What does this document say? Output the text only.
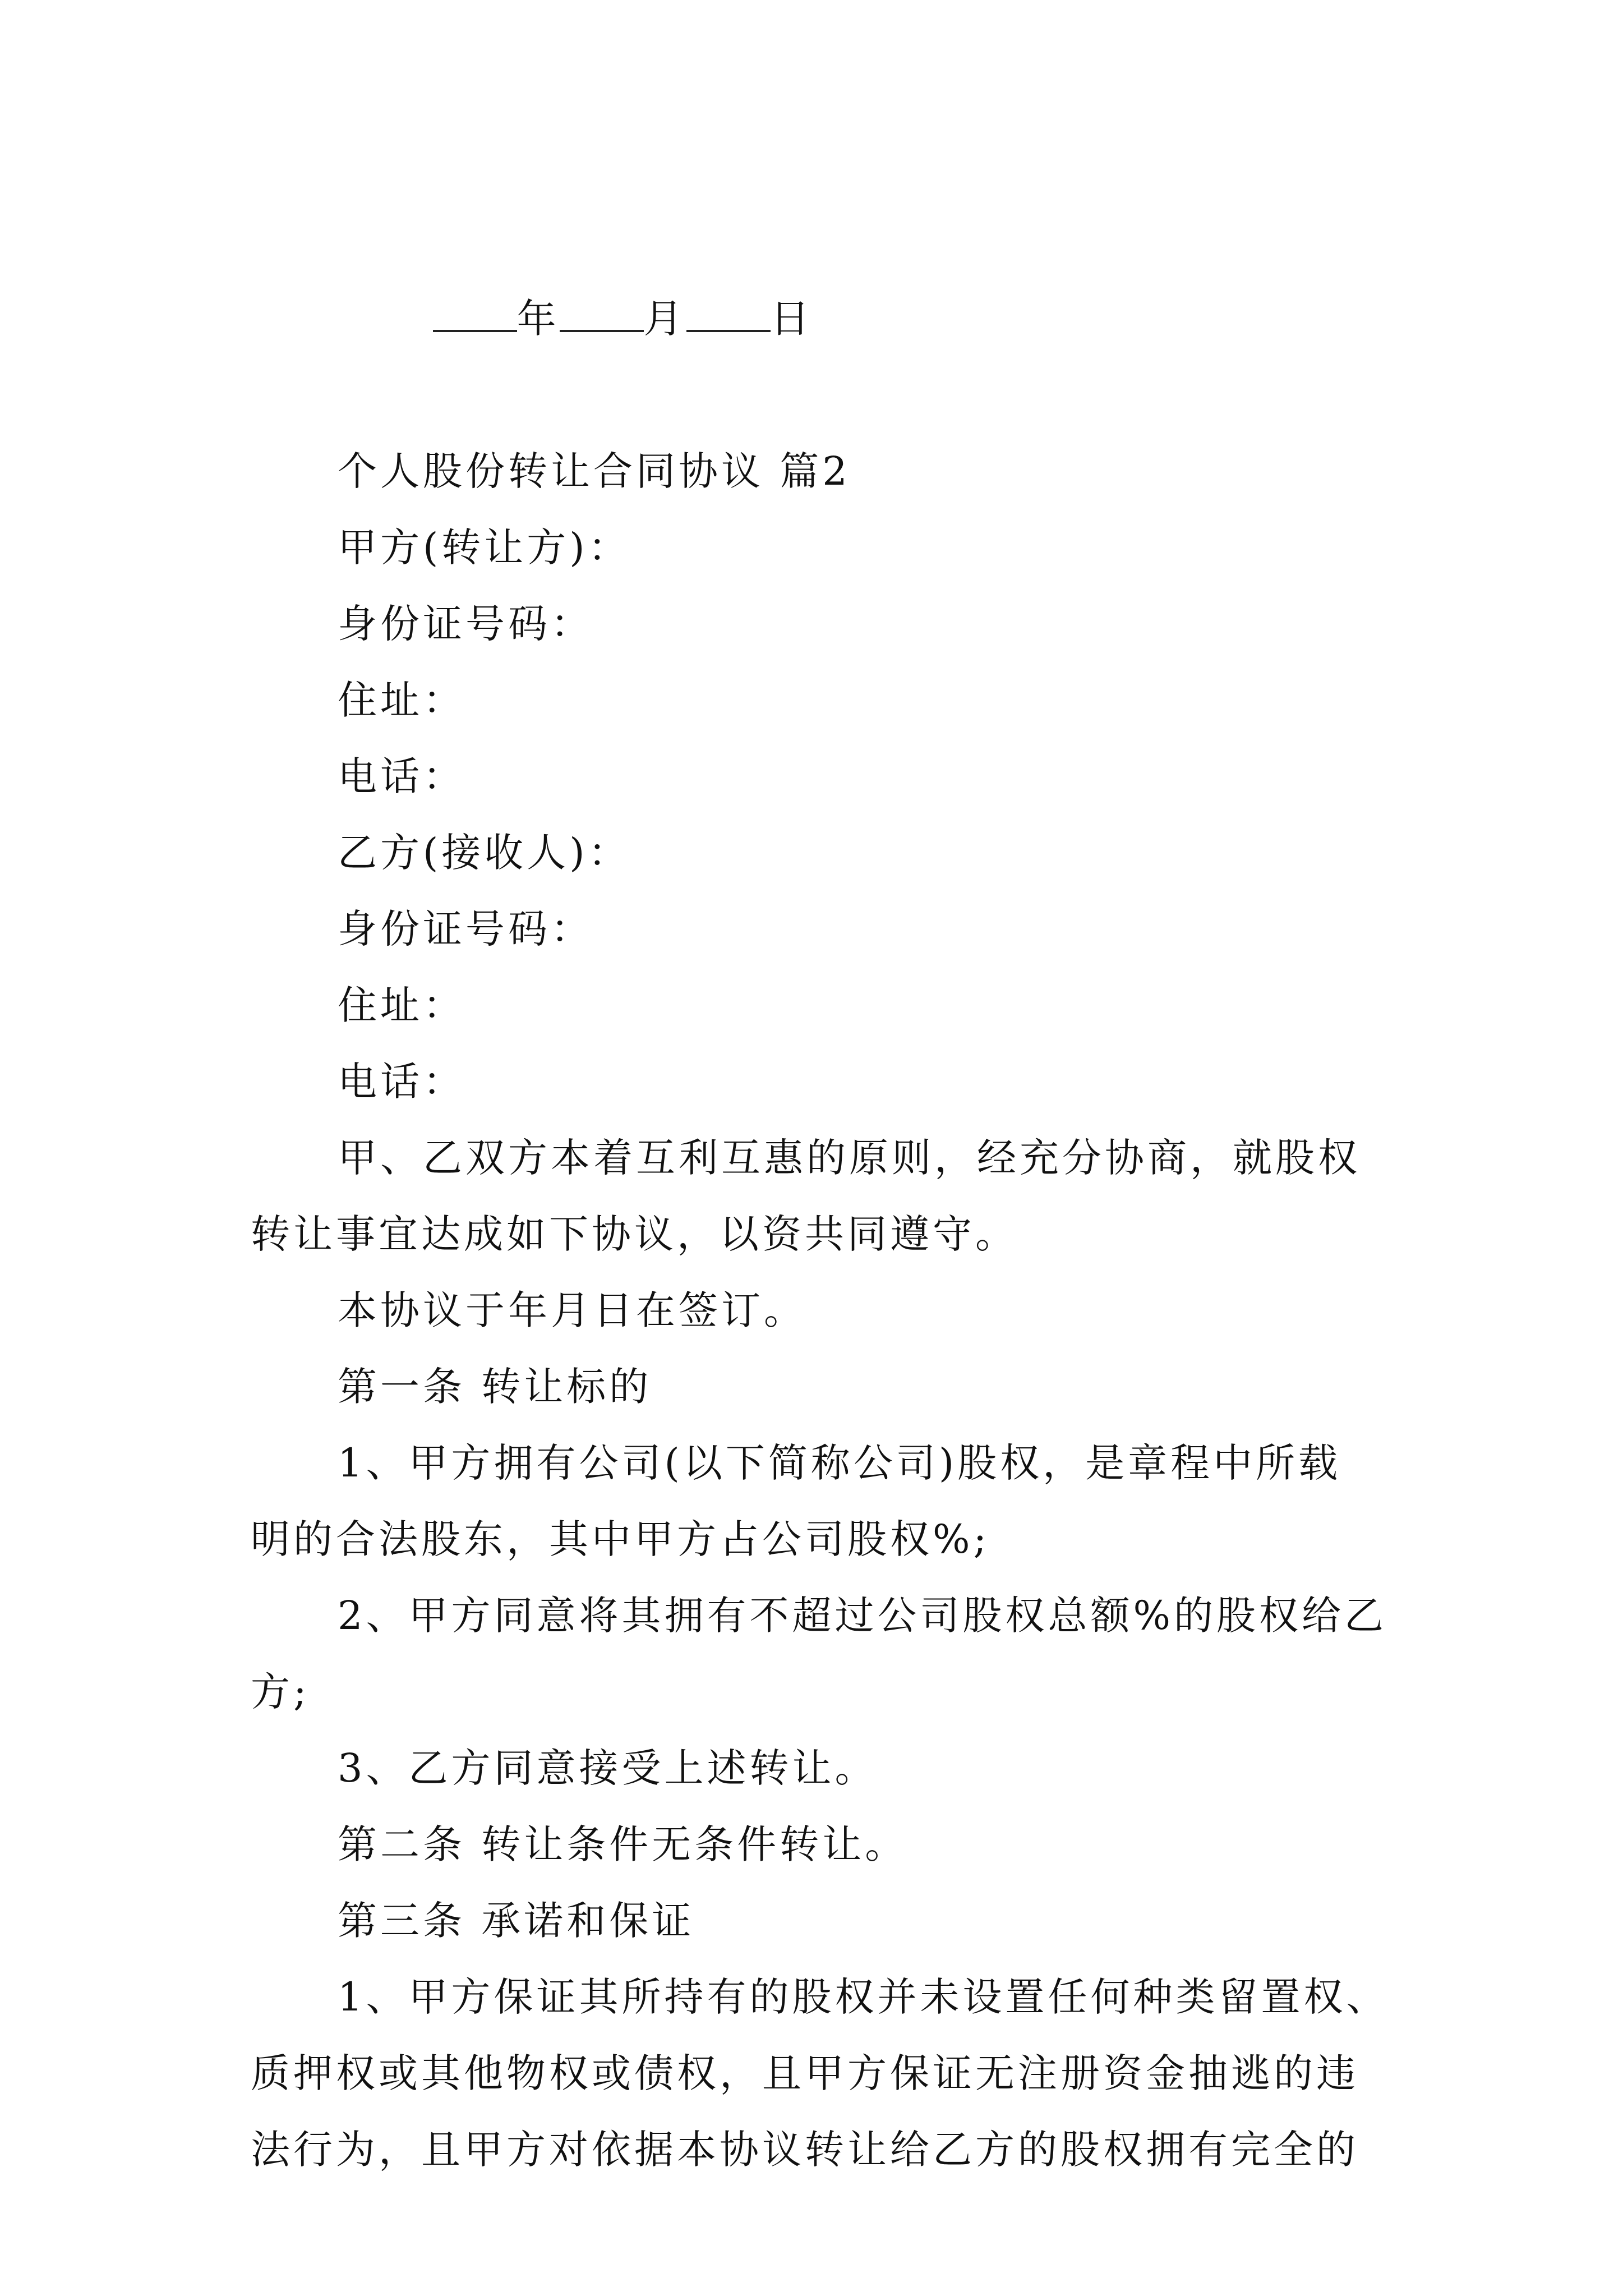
年 月 日

个人股份转让合同协议 篇2
甲方(转让方)：
身份证号码：
住址：
电话：
乙方(接收人)：
身份证号码：
住址：
电话：
甲、乙双方本着互利互惠的原则，经充分协商，就股权
转让事宜达成如下协议，以资共同遵守。
本协议于年月日在签订。
第一条 转让标的
1、甲方拥有公司(以下简称公司)股权，是章程中所载
明的合法股东，其中甲方占公司股权%;
2、甲方同意将其拥有不超过公司股权总额%的股权给乙
方;
3、乙方同意接受上述转让。
第二条 转让条件无条件转让。
第三条 承诺和保证
1、甲方保证其所持有的股权并未设置任何种类留置权、
质押权或其他物权或债权，且甲方保证无注册资金抽逃的违
法行为，且甲方对依据本协议转让给乙方的股权拥有完全的
